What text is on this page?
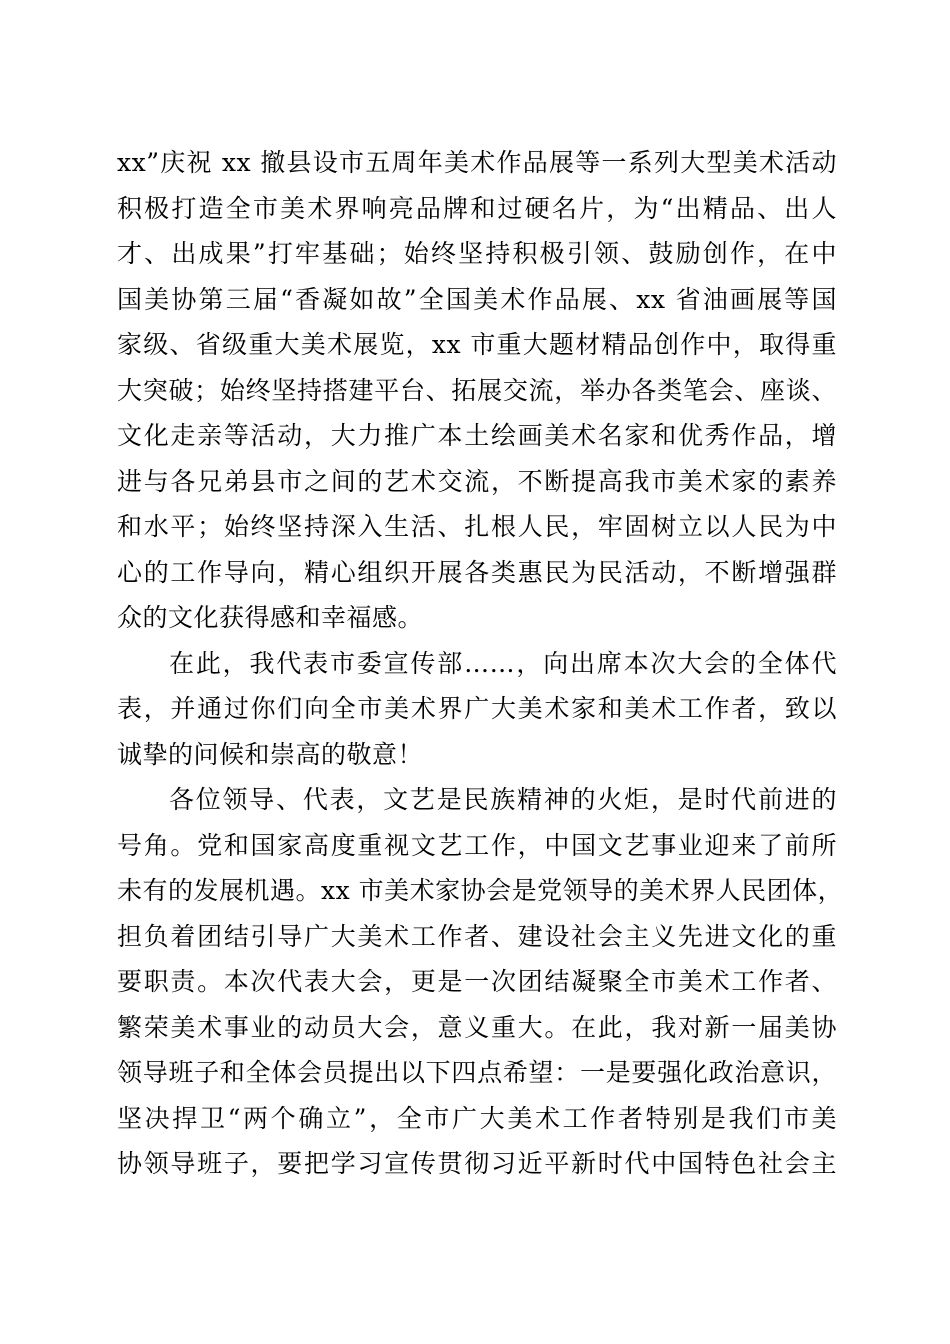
xx”庆祝 xx 撤县设市五周年美术作品展等一系列大型美术活动
积极打造全市美术界响亮品牌和过硬名片，为“出精品、出人
才、出成果”打牢基础；始终坚持积极引领、鼓励创作，在中
国美协第三届“香凝如故”全国美术作品展、xx 省油画展等国
家级、省级重大美术展览，xx 市重大题材精品创作中，取得重
大突破；始终坚持搭建平台、拓展交流，举办各类笔会、座谈、
文化走亲等活动，大力推广本土绘画美术名家和优秀作品，增
进与各兄弟县市之间的艺术交流，不断提高我市美术家的素养
和水平；始终坚持深入生活、扎根人民，牢固树立以人民为中
心的工作导向，精心组织开展各类惠民为民活动，不断增强群
众的文化获得感和幸福感。
在此，我代表市委宣传部……，向出席本次大会的全体代
表，并通过你们向全市美术界广大美术家和美术工作者，致以
诚挚的问候和崇高的敬意！
各位领导、代表，文艺是民族精神的火炬，是时代前进的
号角。党和国家高度重视文艺工作，中国文艺事业迎来了前所
未有的发展机遇。xx 市美术家协会是党领导的美术界人民团体，
担负着团结引导广大美术工作者、建设社会主义先进文化的重
要职责。本次代表大会，更是一次团结凝聚全市美术工作者、
繁荣美术事业的动员大会，意义重大。在此，我对新一届美协
领导班子和全体会员提出以下四点希望：一是要强化政治意识，
坚决捍卫“两个确立”，全市广大美术工作者特别是我们市美
协领导班子，要把学习宣传贯彻习近平新时代中国特色社会主
